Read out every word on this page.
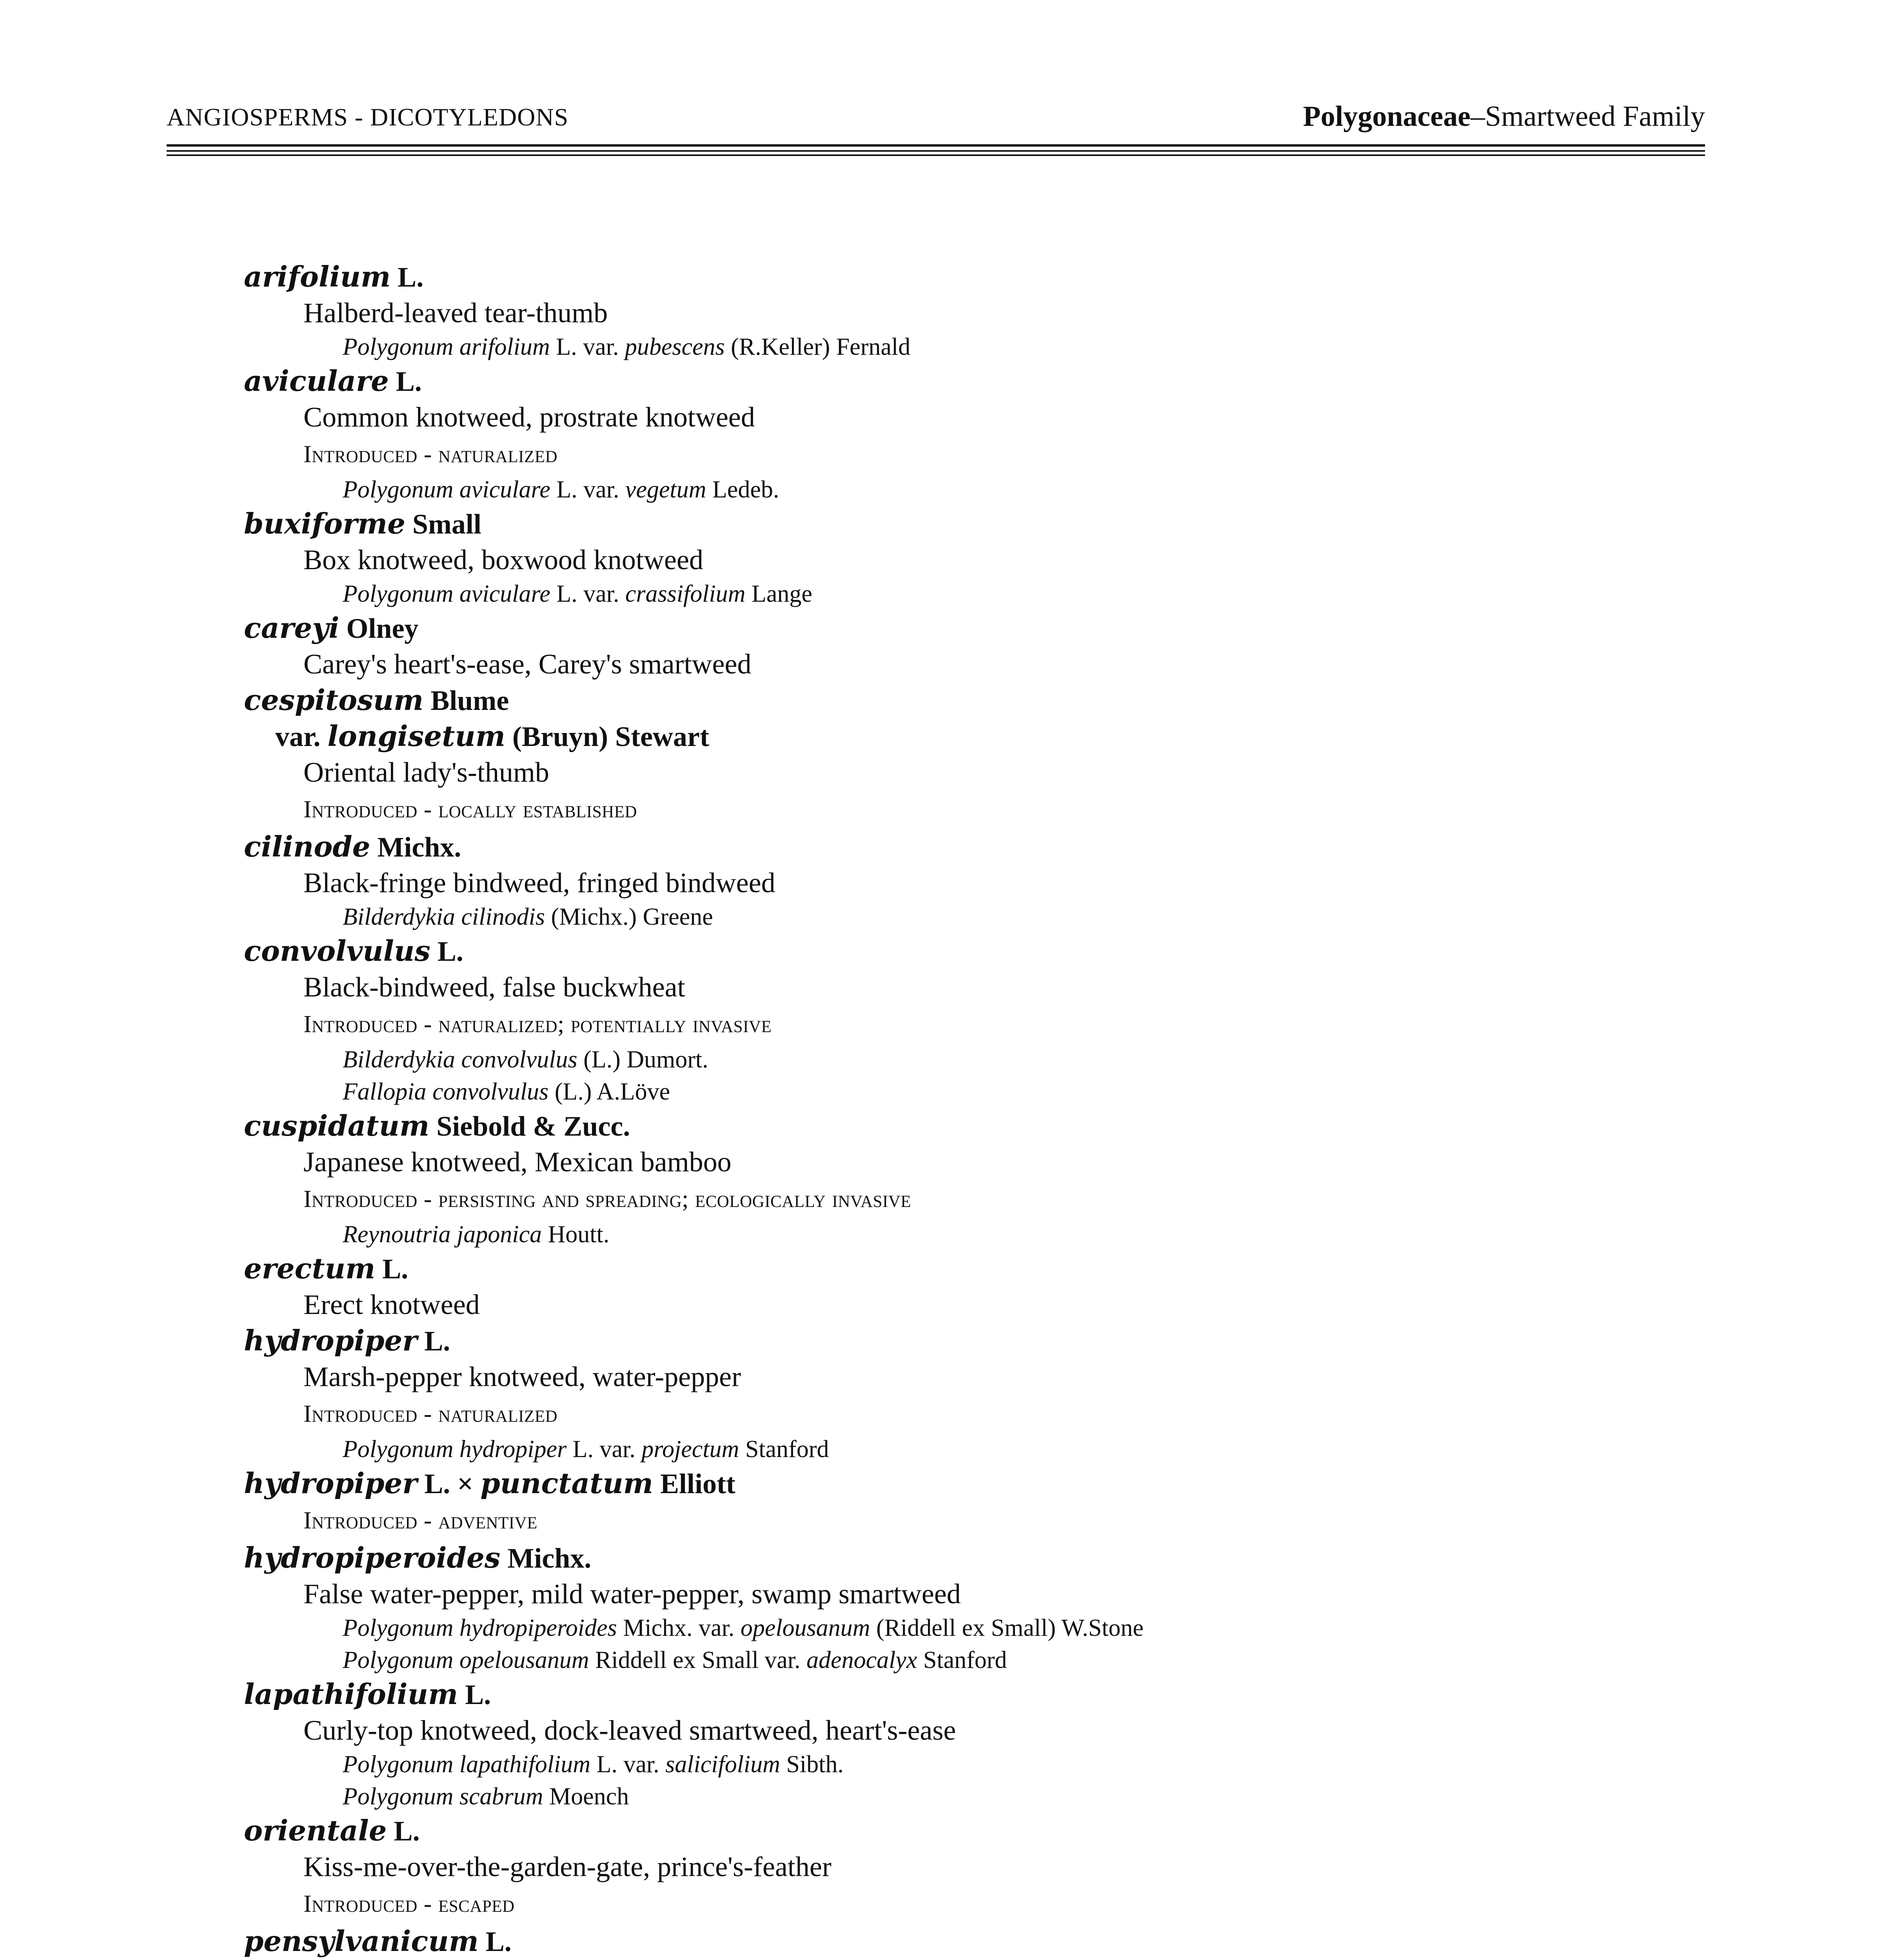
ANGIOSPERMS - DICOTYLEDONS	Polygonaceae–Smartweed Family
arifolium L.
Halberd-leaved tear-thumb
Polygonum arifolium L. var. pubescens (R.Keller) Fernald
aviculare L.
Common knotweed, prostrate knotweed
Introduced - naturalized
Polygonum aviculare L. var. vegetum Ledeb.
buxiforme Small
Box knotweed, boxwood knotweed
Polygonum aviculare L. var. crassifolium Lange
careyi Olney
Carey's heart's-ease, Carey's smartweed
cespitosum Blume
var. longisetum (Bruyn) Stewart
Oriental lady's-thumb
Introduced - locally established
cilinode Michx.
Black-fringe bindweed, fringed bindweed
Bilderdykia cilinodis (Michx.) Greene
convolvulus L.
Black-bindweed, false buckwheat
Introduced - naturalized; potentially invasive
Bilderdykia convolvulus (L.) Dumort.
Fallopia convolvulus (L.) A.Löve
cuspidatum Siebold & Zucc.
Japanese knotweed, Mexican bamboo
Introduced - persisting and spreading; ecologically invasive
Reynoutria japonica Houtt.
erectum L.
Erect knotweed
hydropiper L.
Marsh-pepper knotweed, water-pepper
Introduced - naturalized
Polygonum hydropiper L. var. projectum Stanford
hydropiper L. × punctatum Elliott
Introduced - adventive
hydropiperoides Michx.
False water-pepper, mild water-pepper, swamp smartweed
Polygonum hydropiperoides Michx. var. opelousanum (Riddell ex Small) W.Stone
Polygonum opelousanum Riddell ex Small var. adenocalyx Stanford
lapathifolium L.
Curly-top knotweed, dock-leaved smartweed, heart's-ease
Polygonum lapathifolium L. var. salicifolium Sibth.
Polygonum scabrum Moench
orientale L.
Kiss-me-over-the-garden-gate, prince's-feather
Introduced - escaped
pensylvanicum L.
